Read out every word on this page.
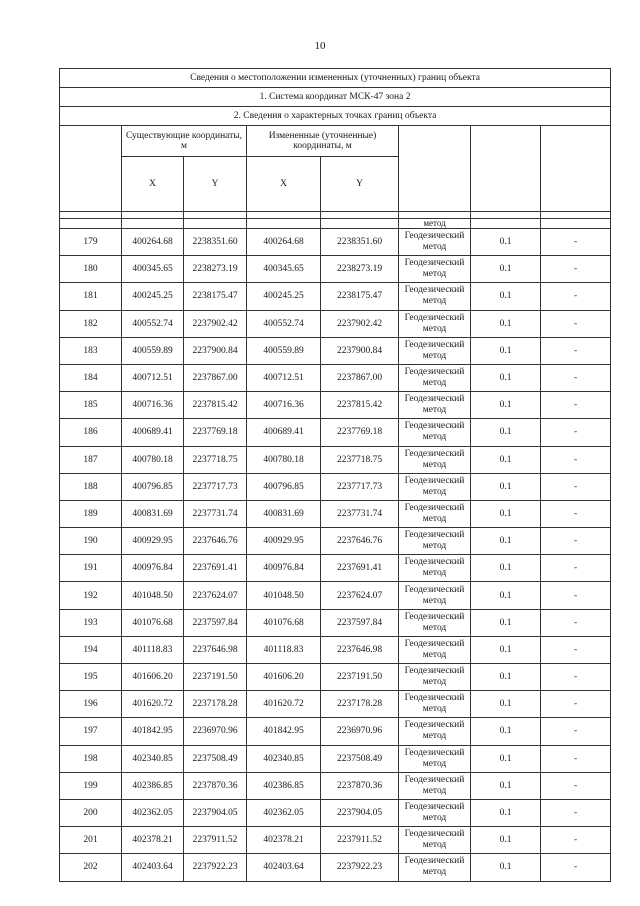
10
Сведения о местоположении измененных (уточненных) границ объекта							
1. Система координат МСК-47 зона 2							
2. Сведения о характерных точках границ объекта							
	Существующие координаты, м		Измененные (уточненные) координаты, м				
	X	Y	X	Y			

					метод		
179	400264.68	2238351.60	400264.68	2238351.60	Геодезический метод	0.1	-
180	400345.65	2238273.19	400345.65	2238273.19	Геодезический метод	0.1	-
181	400245.25	2238175.47	400245.25	2238175.47	Геодезический метод	0.1	-
182	400552.74	2237902.42	400552.74	2237902.42	Геодезический метод	0.1	-
183	400559.89	2237900.84	400559.89	2237900.84	Геодезический метод	0.1	-
184	400712.51	2237867.00	400712.51	2237867.00	Геодезический метод	0.1	-
185	400716.36	2237815.42	400716.36	2237815.42	Геодезический метод	0.1	-
186	400689.41	2237769.18	400689.41	2237769.18	Геодезический метод	0.1	-
187	400780.18	2237718.75	400780.18	2237718.75	Геодезический метод	0.1	-
188	400796.85	2237717.73	400796.85	2237717.73	Геодезический метод	0.1	-
189	400831.69	2237731.74	400831.69	2237731.74	Геодезический метод	0.1	-
190	400929.95	2237646.76	400929.95	2237646.76	Геодезический метод	0.1	-
191	400976.84	2237691.41	400976.84	2237691.41	Геодезический метод	0.1	-
192	401048.50	2237624.07	401048.50	2237624.07	Геодезический метод	0.1	-
193	401076.68	2237597.84	401076.68	2237597.84	Геодезический метод	0.1	-
194	401118.83	2237646.98	401118.83	2237646.98	Геодезический метод	0.1	-
195	401606.20	2237191.50	401606.20	2237191.50	Геодезический метод	0.1	-
196	401620.72	2237178.28	401620.72	2237178.28	Геодезический метод	0.1	-
197	401842.95	2236970.96	401842.95	2236970.96	Геодезический метод	0.1	-
198	402340.85	2237508.49	402340.85	2237508.49	Геодезический метод	0.1	-
199	402386.85	2237870.36	402386.85	2237870.36	Геодезический метод	0.1	-
200	402362.05	2237904.05	402362.05	2237904.05	Геодезический метод	0.1	-
201	402378.21	2237911.52	402378.21	2237911.52	Геодезический метод	0.1	-
202	402403.64	2237922.23	402403.64	2237922.23	Геодезический метод	0.1	-
